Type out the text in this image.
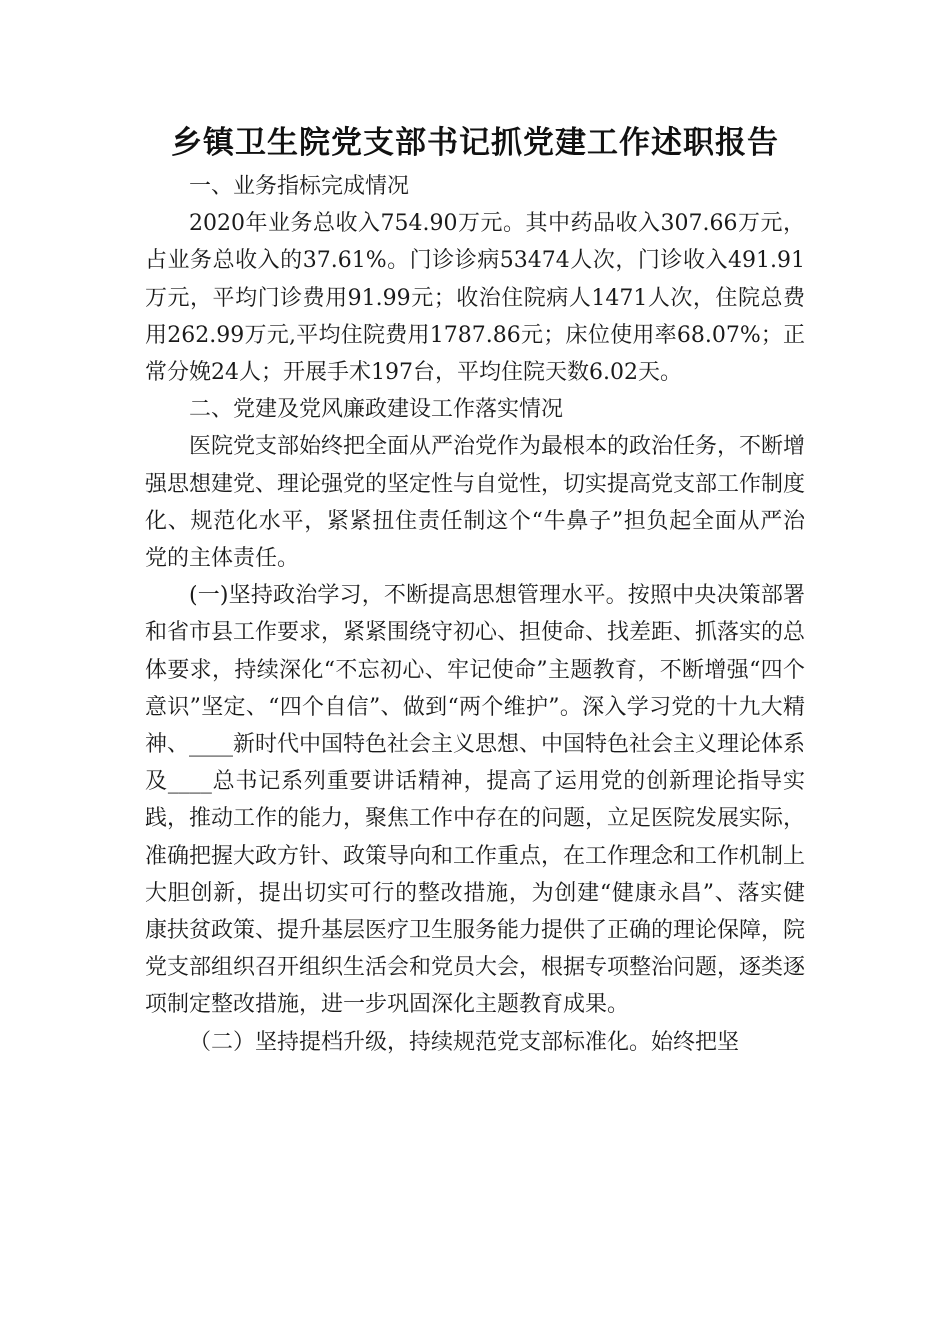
乡镇卫生院党支部书记抓党建工作述职报告

一、业务指标完成情况

2020年业务总收入754.90万元。其中药品收入307.66万元，占业务总收入的37.61%。门诊诊病53474人次，门诊收入491.91万元，平均门诊费用91.99元；收治住院病人1471人次，住院总费用262.99万元,平均住院费用1787.86元；床位使用率68.07%；正常分娩24人；开展手术197台，平均住院天数6.02天。

二、党建及党风廉政建设工作落实情况

医院党支部始终把全面从严治党作为最根本的政治任务，不断增强思想建党、理论强党的坚定性与自觉性，切实提高党支部工作制度化、规范化水平，紧紧扭住责任制这个“牛鼻子”担负起全面从严治党的主体责任。

(一)坚持政治学习，不断提高思想管理水平。按照中央决策部署和省市县工作要求，紧紧围绕守初心、担使命、找差距、抓落实的总体要求，持续深化“不忘初心、牢记使命”主题教育，不断增强“四个意识”坚定、“四个自信”、做到“两个维护”。深入学习党的十九大精神、____新时代中国特色社会主义思想、中国特色社会主义理论体系及____总书记系列重要讲话精神，提高了运用党的创新理论指导实践，推动工作的能力，聚焦工作中存在的问题，立足医院发展实际，准确把握大政方针、政策导向和工作重点，在工作理念和工作机制上大胆创新，提出切实可行的整改措施，为创建“健康永昌”、落实健康扶贫政策、提升基层医疗卫生服务能力提供了正确的理论保障，院党支部组织召开组织生活会和党员大会，根据专项整治问题，逐类逐项制定整改措施，进一步巩固深化主题教育成果。

（二）坚持提档升级，持续规范党支部标准化。始终把坚
